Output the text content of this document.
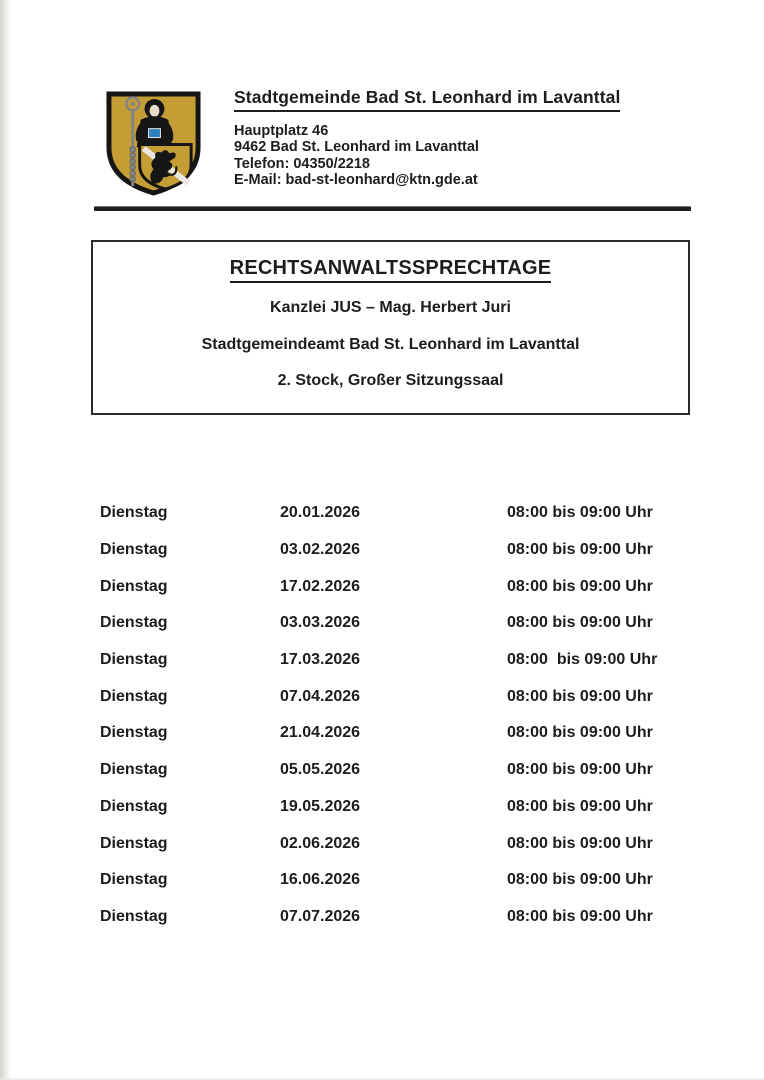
Stadtgemeinde Bad St. Leonhard im Lavanttal
Hauptplatz 46
9462 Bad St. Leonhard im Lavanttal
Telefon: 04350/2218
E-Mail: bad-st-leonhard@ktn.gde.at
RECHTSANWALTSSPRECHTAGE
Kanzlei JUS – Mag. Herbert Juri
Stadtgemeindeamt Bad St. Leonhard im Lavanttal
2. Stock, Großer Sitzungssaal
Dienstag	20.01.2026	08:00 bis 09:00 Uhr
Dienstag	03.02.2026	08:00 bis 09:00 Uhr
Dienstag	17.02.2026	08:00 bis 09:00 Uhr
Dienstag	03.03.2026	08:00 bis 09:00 Uhr
Dienstag	17.03.2026	08:00  bis 09:00 Uhr
Dienstag	07.04.2026	08:00 bis 09:00 Uhr
Dienstag	21.04.2026	08:00 bis 09:00 Uhr
Dienstag	05.05.2026	08:00 bis 09:00 Uhr
Dienstag	19.05.2026	08:00 bis 09:00 Uhr
Dienstag	02.06.2026	08:00 bis 09:00 Uhr
Dienstag	16.06.2026	08:00 bis 09:00 Uhr
Dienstag	07.07.2026	08:00 bis 09:00 Uhr
